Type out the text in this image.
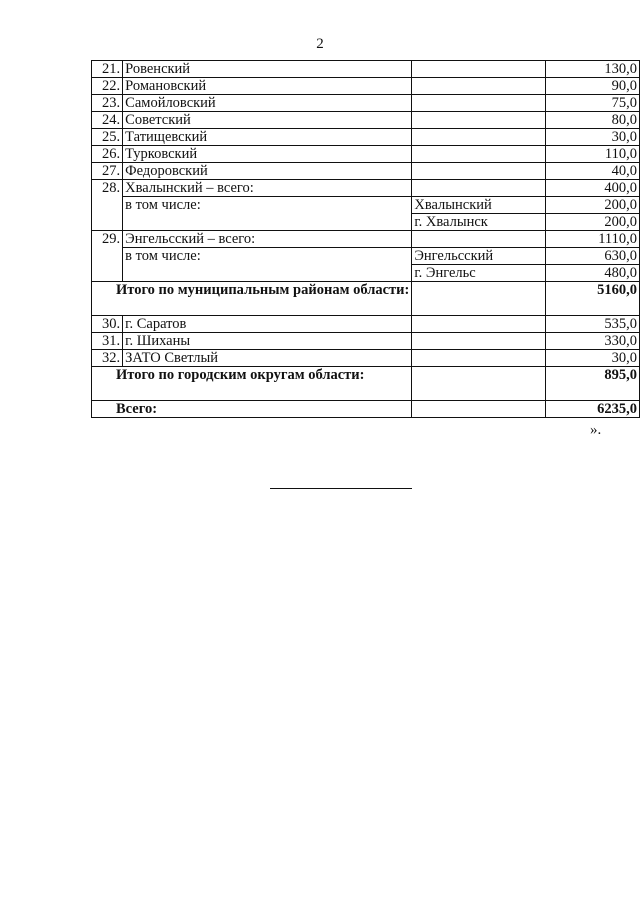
2
21.	Ровенский		130,0
22.	Романовский		90,0
23.	Самойловский		75,0
24.	Советский		80,0
25.	Татищевский		30,0
26.	Турковский		110,0
27.	Федоровский		40,0
28.	Хвалынский – всего:		400,0
	в том числе:	Хвалынский	200,0
		г. Хвалынск	200,0
29.	Энгельсский – всего:		1110,0
	в том числе:	Энгельсский	630,0
		г. Энгельс	480,0
Итого по муниципальным районам области:			5160,0
30.	г. Саратов		535,0
31.	г. Шиханы		330,0
32.	ЗАТО Светлый		30,0
Итого по городским округам области:			895,0
Всего:			6235,0
».
